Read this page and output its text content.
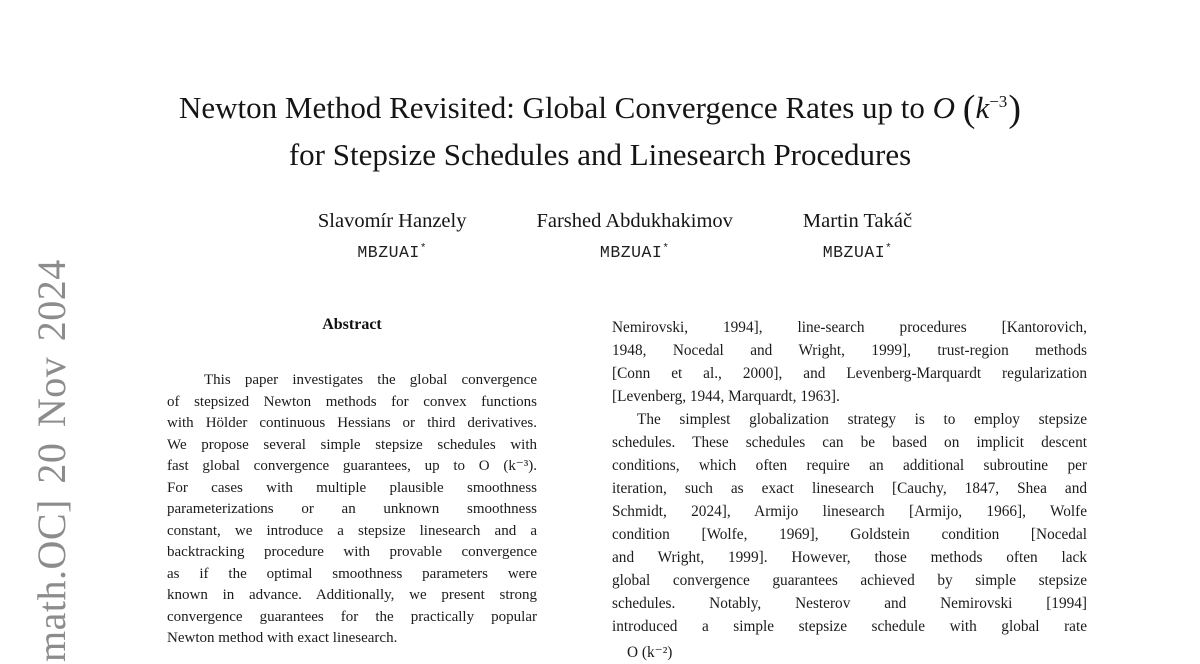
math.OC] 20 Nov 2024
Newton Method Revisited: Global Convergence Rates up to O $(k^{-3})$
for Stepsize Schedules and Linesearch Procedures
Slavomír Hanzely
MBZUAI*
Farshed Abdukhakimov
MBZUAI*
Martin Takáč
MBZUAI*
Abstract
This paper investigates the global convergence
of stepsized Newton methods for convex functions
with Hölder continuous Hessians or third derivatives.
We propose several simple stepsize schedules with
fast global convergence guarantees, up to O (k⁻³).
For cases with multiple plausible smoothness
parameterizations or an unknown smoothness
constant, we introduce a stepsize linesearch and a
backtracking procedure with provable convergence
as if the optimal smoothness parameters were
known in advance. Additionally, we present strong
convergence guarantees for the practically popular
Newton method with exact linesearch.
Nemirovski, 1994], line-search procedures [Kantorovich,
1948, Nocedal and Wright, 1999], trust-region methods
[Conn et al., 2000], and Levenberg-Marquardt regularization
[Levenberg, 1944, Marquardt, 1963].
The simplest globalization strategy is to employ stepsize
schedules. These schedules can be based on implicit descent
conditions, which often require an additional subroutine per
iteration, such as exact linesearch [Cauchy, 1847, Shea and
Schmidt, 2024], Armijo linesearch [Armijo, 1966], Wolfe
condition [Wolfe, 1969], Goldstein condition [Nocedal
and Wright, 1999]. However, those methods often lack
global convergence guarantees achieved by simple stepsize
schedules. Notably, Nesterov and Nemirovski [1994]
introduced a simple stepsize schedule with global rate
O (k⁻²)
